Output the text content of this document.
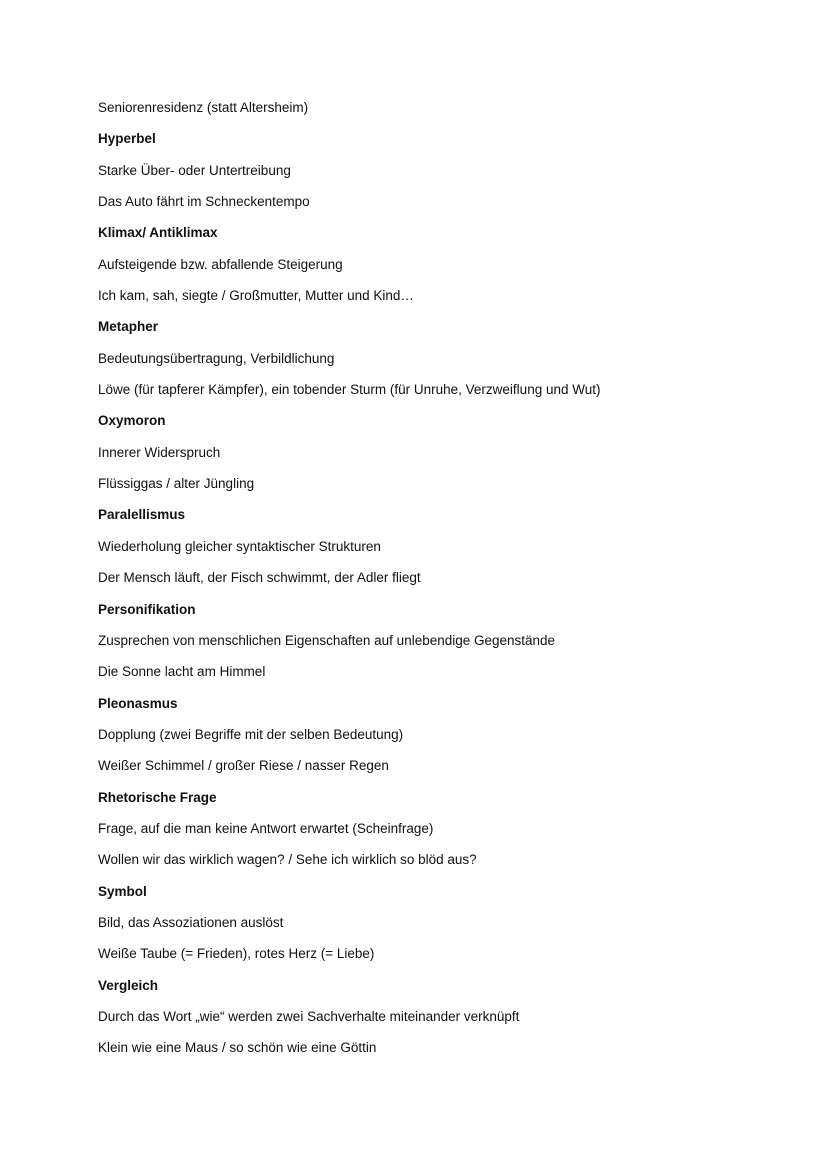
Seniorenresidenz (statt Altersheim)
Hyperbel
Starke Über- oder Untertreibung
Das Auto fährt im Schneckentempo
Klimax/ Antiklimax
Aufsteigende bzw. abfallende Steigerung
Ich kam, sah, siegte / Großmutter, Mutter und Kind…
Metapher
Bedeutungsübertragung, Verbildlichung
Löwe (für tapferer Kämpfer), ein tobender Sturm (für Unruhe, Verzweiflung und Wut)
Oxymoron
Innerer Widerspruch
Flüssiggas / alter Jüngling
Paralellismus
Wiederholung gleicher syntaktischer Strukturen
Der Mensch läuft, der Fisch schwimmt, der Adler fliegt
Personifikation
Zusprechen von menschlichen Eigenschaften auf unlebendige Gegenstände
Die Sonne lacht am Himmel
Pleonasmus
Dopplung (zwei Begriffe mit der selben Bedeutung)
Weißer Schimmel / großer Riese / nasser Regen
Rhetorische Frage
Frage, auf die man keine Antwort erwartet (Scheinfrage)
Wollen wir das wirklich wagen? / Sehe ich wirklich so blöd aus?
Symbol
Bild, das Assoziationen auslöst
Weiße Taube (= Frieden), rotes Herz (= Liebe)
Vergleich
Durch das Wort „wie“ werden zwei Sachverhalte miteinander verknüpft
Klein wie eine Maus / so schön wie eine Göttin
